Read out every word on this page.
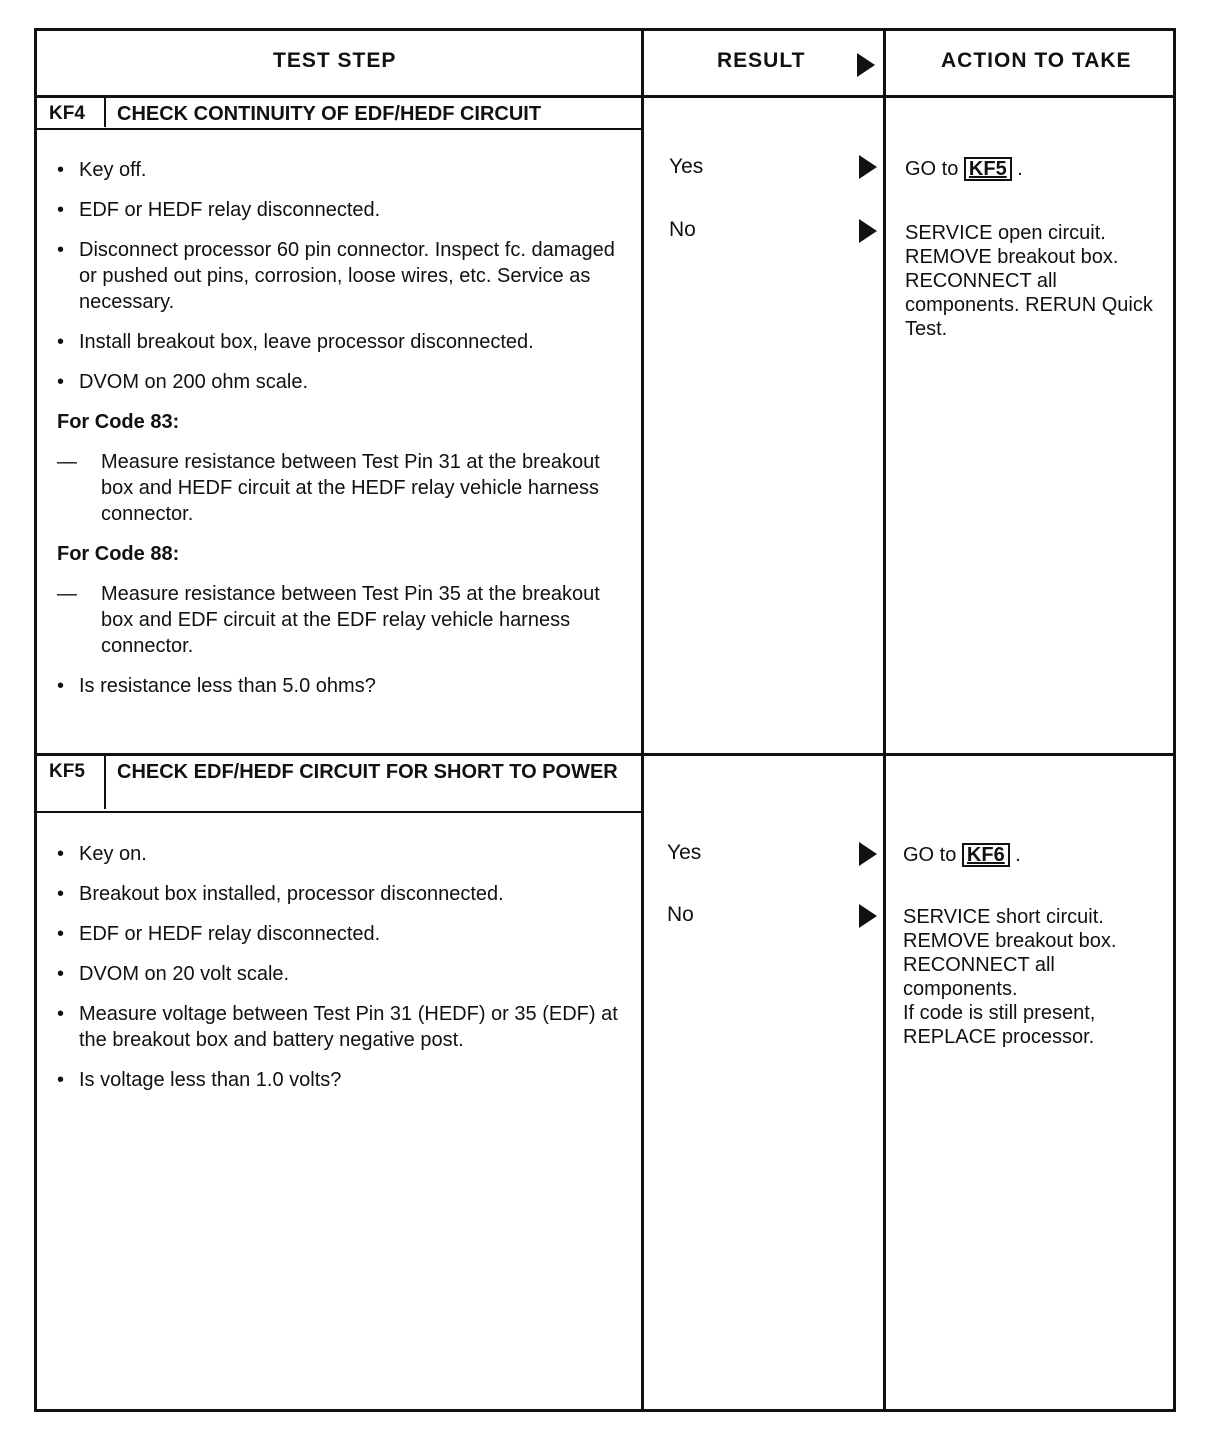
TEST STEP	RESULT	ACTION TO TAKE
KF4 CHECK CONTINUITY OF EDF/HEDF CIRCUIT
• Key off.
• EDF or HEDF relay disconnected.
• Disconnect processor 60 pin connector. Inspect fc. damaged or pushed out pins, corrosion, loose wires, etc. Service as necessary.
• Install breakout box, leave processor disconnected.
• DVOM on 200 ohm scale.
For Code 83:
— Measure resistance between Test Pin 31 at the breakout box and HEDF circuit at the HEDF relay vehicle harness connector.
For Code 88:
— Measure resistance between Test Pin 35 at the breakout box and EDF circuit at the EDF relay vehicle harness connector.
• Is resistance less than 5.0 ohms?
Yes	GO to KF5 .
No	SERVICE open circuit. REMOVE breakout box. RECONNECT all components. RERUN Quick Test.
KF5 CHECK EDF/HEDF CIRCUIT FOR SHORT TO POWER
• Key on.
• Breakout box installed, processor disconnected.
• EDF or HEDF relay disconnected.
• DVOM on 20 volt scale.
• Measure voltage between Test Pin 31 (HEDF) or 35 (EDF) at the breakout box and battery negative post.
• Is voltage less than 1.0 volts?
Yes	GO to KF6 .
No	SERVICE short circuit. REMOVE breakout box. RECONNECT all components.
If code is still present, REPLACE processor.
